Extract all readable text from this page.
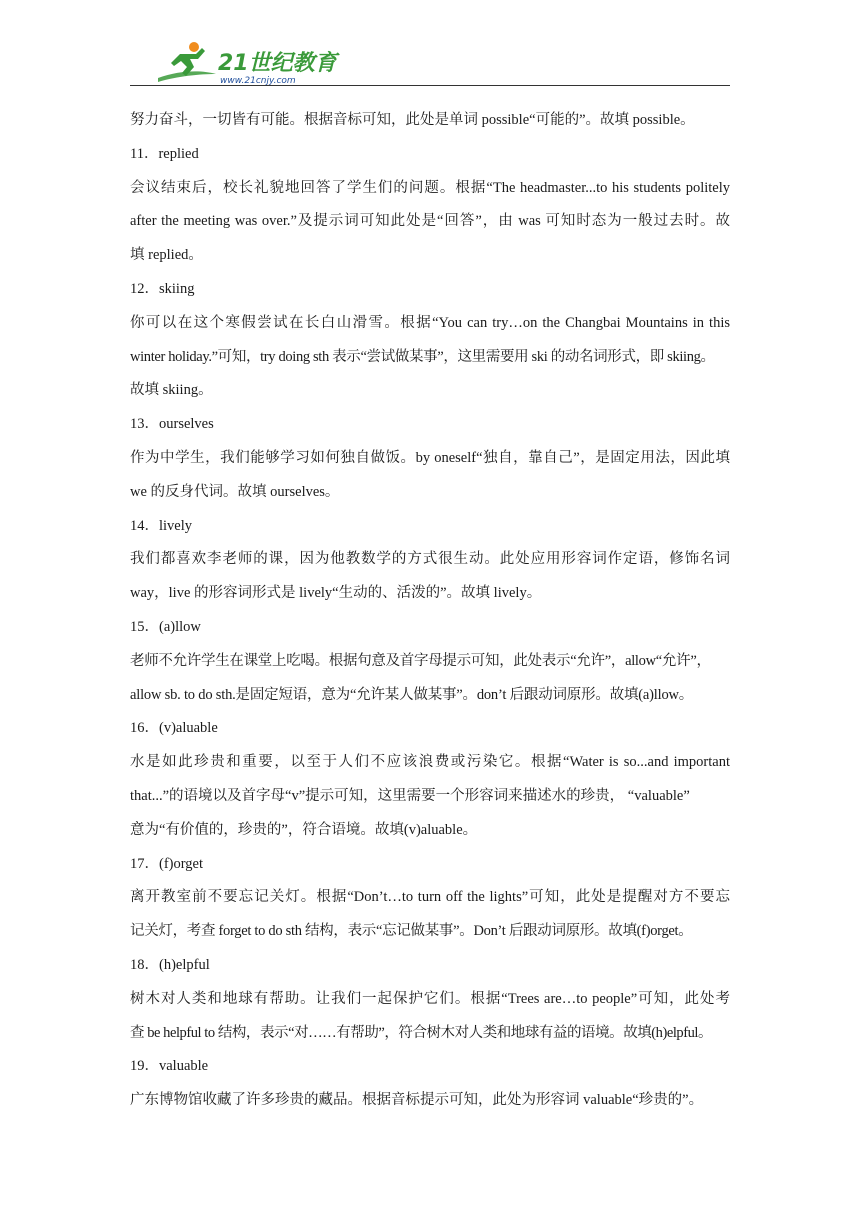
21世纪教育
www.21cnjy.com
努力奋斗，一切皆有可能。根据音标可知，此处是单词 possible“可能的”。故填 possible。
11．replied
会议结束后，校长礼貌地回答了学生们的问题。根据“The headmaster...to his students politely
after the meeting was over.”及提示词可知此处是“回答”，由 was 可知时态为一般过去时。故
填 replied。
12．skiing
你可以在这个寒假尝试在长白山滑雪。根据“You can try…on the Changbai Mountains in this
winter holiday.”可知，try doing sth 表示“尝试做某事”，这里需要用 ski 的动名词形式，即 skiing。
故填 skiing。
13．ourselves
作为中学生，我们能够学习如何独自做饭。by oneself“独自，靠自己”，是固定用法，因此填
we 的反身代词。故填 ourselves。
14．lively
我们都喜欢李老师的课，因为他教数学的方式很生动。此处应用形容词作定语，修饰名词
way，live 的形容词形式是 lively“生动的、活泼的”。故填 lively。
15．(a)llow
老师不允许学生在课堂上吃喝。根据句意及首字母提示可知，此处表示“允许”，allow“允许”，
allow sb. to do sth.是固定短语，意为“允许某人做某事”。don’t 后跟动词原形。故填(a)llow。
16．(v)aluable
水是如此珍贵和重要，以至于人们不应该浪费或污染它。根据“Water is so...and important
that...”的语境以及首字母“v”提示可知，这里需要一个形容词来描述水的珍贵， “valuable”
意为“有价值的，珍贵的”，符合语境。故填(v)aluable。
17．(f)orget
离开教室前不要忘记关灯。根据“Don’t…to turn off the lights”可知，此处是提醒对方不要忘
记关灯，考查 forget to do sth 结构，表示“忘记做某事”。Don’t 后跟动词原形。故填(f)orget。
18．(h)elpful
树木对人类和地球有帮助。让我们一起保护它们。根据“Trees are…to people”可知，此处考
查 be helpful to 结构，表示“对……有帮助”，符合树木对人类和地球有益的语境。故填(h)elpful。
19．valuable
广东博物馆收藏了许多珍贵的藏品。根据音标提示可知，此处为形容词 valuable“珍贵的”。
